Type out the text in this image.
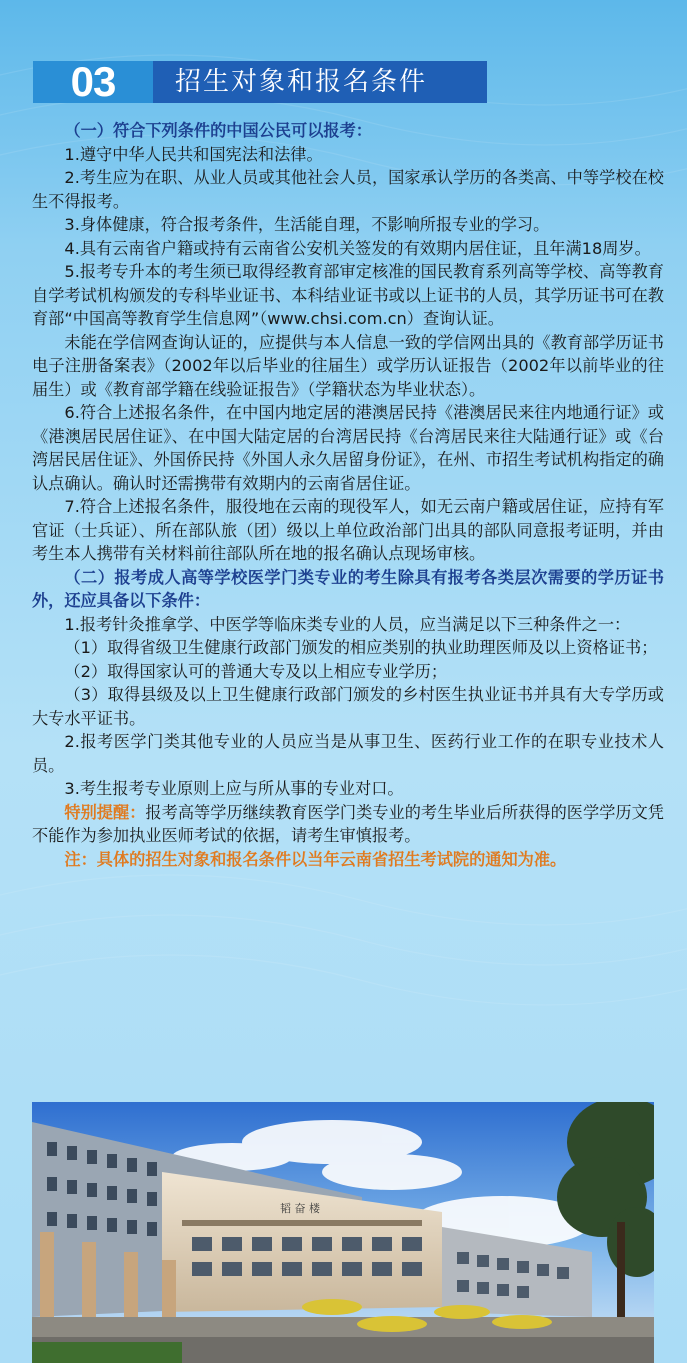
03	招生对象和报名条件

（一）符合下列条件的中国公民可以报考：

1.遵守中华人民共和国宪法和法律。

2.考生应为在职、从业人员或其他社会人员，国家承认学历的各类高、中等学校在校生不得报考。

3.身体健康，符合报考条件，生活能自理，不影响所报专业的学习。

4.具有云南省户籍或持有云南省公安机关签发的有效期内居住证，且年满18周岁。

5.报考专升本的考生须已取得经教育部审定核准的国民教育系列高等学校、高等教育自学考试机构颁发的专科毕业证书、本科结业证书或以上证书的人员，其学历证书可在教育部“中国高等教育学生信息网”（www.chsi.com.cn）查询认证。

未能在学信网查询认证的，应提供与本人信息一致的学信网出具的《教育部学历证书电子注册备案表》（2002年以后毕业的往届生）或学历认证报告（2002年以前毕业的往届生）或《教育部学籍在线验证报告》（学籍状态为毕业状态）。

6.符合上述报名条件，在中国内地定居的港澳居民持《港澳居民来往内地通行证》或《港澳居民居住证》、在中国大陆定居的台湾居民持《台湾居民来往大陆通行证》或《台湾居民居住证》、外国侨民持《外国人永久居留身份证》，在州、市招生考试机构指定的确认点确认。确认时还需携带有效期内的云南省居住证。

7.符合上述报名条件，服役地在云南的现役军人，如无云南户籍或居住证，应持有军官证（士兵证）、所在部队旅（团）级以上单位政治部门出具的部队同意报考证明，并由考生本人携带有关材料前往部队所在地的报名确认点现场审核。

（二）报考成人高等学校医学门类专业的考生除具有报考各类层次需要的学历证书外，还应具备以下条件：

1.报考针灸推拿学、中医学等临床类专业的人员，应当满足以下三种条件之一：

（1）取得省级卫生健康行政部门颁发的相应类别的执业助理医师及以上资格证书；

（2）取得国家认可的普通大专及以上相应专业学历；

（3）取得县级及以上卫生健康行政部门颁发的乡村医生执业证书并具有大专学历或大专水平证书。

2.报考医学门类其他专业的人员应当是从事卫生、医药行业工作的在职专业技术人员。

3.考生报考专业原则上应与所从事的专业对口。

特别提醒：报考高等学历继续教育医学门类专业的考生毕业后所获得的医学学历文凭不能作为参加执业医师考试的依据，请考生审慎报考。

注：具体的招生对象和报名条件以当年云南省招生考试院的通知为准。

韬 奋 楼
